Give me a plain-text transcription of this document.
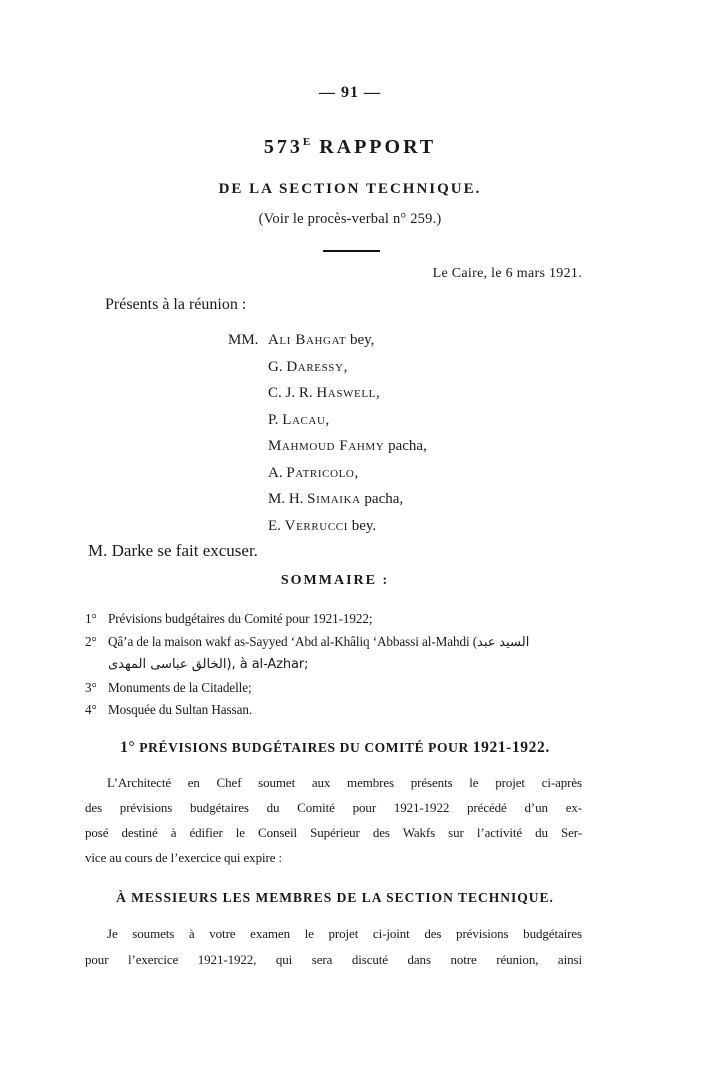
— 91 —
$573^E$ RAPPORT
DE LA SECTION TECHNIQUE.
(Voir le procès-verbal n° 259.)
Le Caire, le 6 mars 1921.
Présents à la réunion :
MM. Ali Bahgat bey,
G. Daressy,
C. J. R. Haswell,
P. Lacau,
Mahmoud Fahmy pacha,
A. Patricolo,
M. H. Simaika pacha,
E. Verrucci bey.
M. Darke se fait excuser.
SOMMAIRE :
1° Prévisions budgétaires du Comité pour 1921-1922;
2° Qâ’a de la maison wakf as-Sayyed ‘Abd al-Khâliq ‘Abbassi al-Mahdi (السيد عبد
الخالق عباسى المهدى), à al-Azhar;
3° Monuments de la Citadelle;
4° Mosquée du Sultan Hassan.
1° PRÉVISIONS BUDGÉTAIRES DU COMITÉ POUR 1921-1922.
L’Architecté en Chef soumet aux membres présents le projet ci-après
des prévisions budgétaires du Comité pour 1921-1922 précédé d’un ex-
posé destiné à édifier le Conseil Supérieur des Wakfs sur l’activité du Ser-
vice au cours de l’exercice qui expire :
À MESSIEURS LES MEMBRES DE LA SECTION TECHNIQUE.
Je soumets à votre examen le projet ci-joint des prévisions budgétaires
pour l’exercice 1921-1922, qui sera discuté dans notre réunion, ainsi
